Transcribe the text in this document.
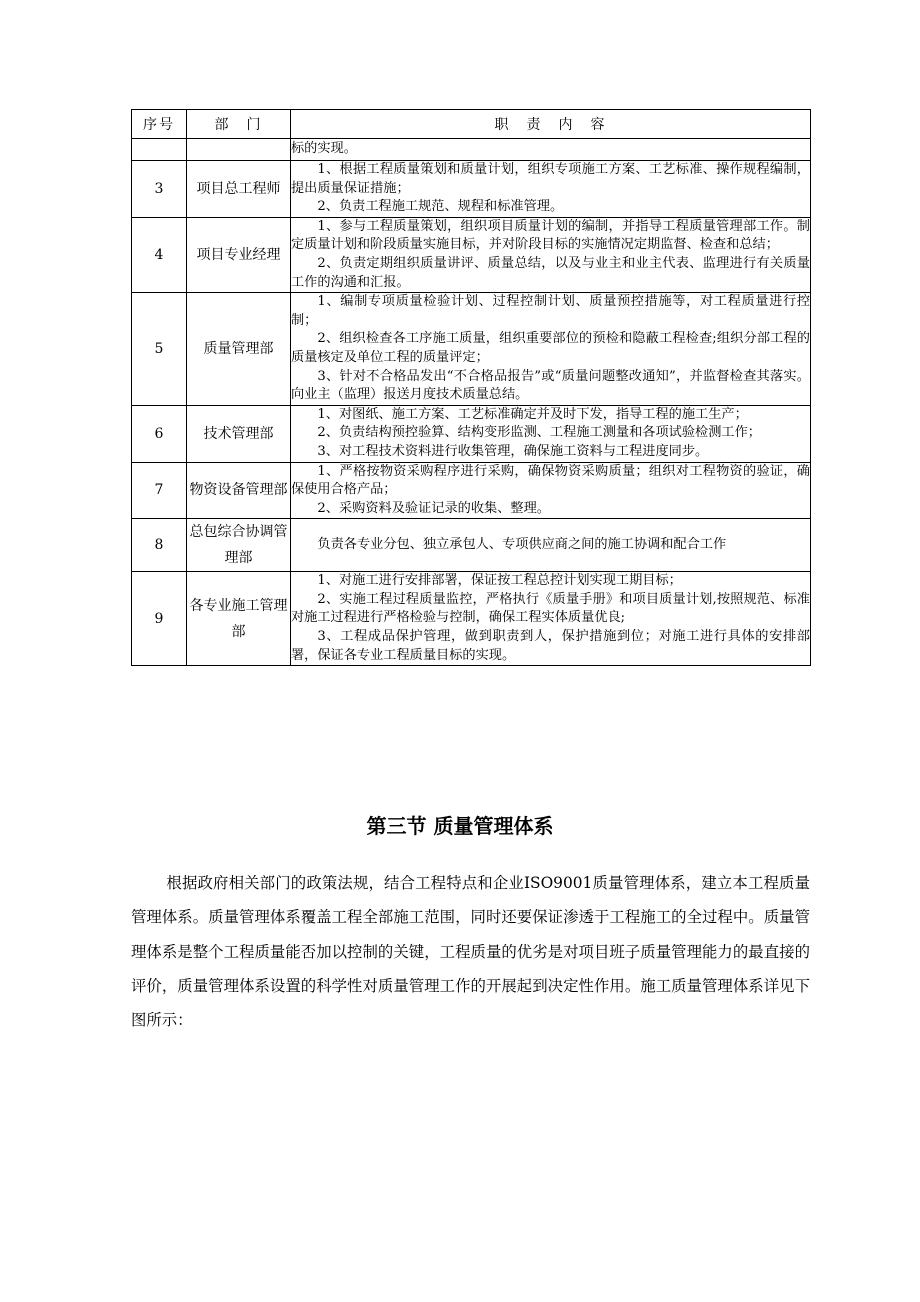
序号	部　门	职　责　内　容

		标的实现。

3	项目总工程师	1、根据工程质量策划和质量计划，组织专项施工方案、工艺标准、操作规程编制，提出质量保证措施；

2、负责工程施工规范、规程和标准管理。

4	项目专业经理	1、参与工程质量策划，组织项目质量计划的编制，并指导工程质量管理部工作。制定质量计划和阶段质量实施目标，并对阶段目标的实施情况定期监督、检查和总结；

2、负责定期组织质量讲评、质量总结，以及与业主和业主代表、监理进行有关质量工作的沟通和汇报。

5	质量管理部	1、编制专项质量检验计划、过程控制计划、质量预控措施等，对工程质量进行控制；

2、组织检查各工序施工质量，组织重要部位的预检和隐蔽工程检查;组织分部工程的质量核定及单位工程的质量评定；

3、针对不合格品发出“不合格品报告”或“质量问题整改通知”，并监督检查其落实。向业主（监理）报送月度技术质量总结。

6	技术管理部	1、对图纸、施工方案、工艺标准确定并及时下发，指导工程的施工生产；

2、负责结构预控验算、结构变形监测、工程施工测量和各项试验检测工作；

3、对工程技术资料进行收集管理，确保施工资料与工程进度同步。

7	物资设备管理部	1、严格按物资采购程序进行采购，确保物资采购质量；组织对工程物资的验证，确保使用合格产品；

2、采购资料及验证记录的收集、整理。

8	总包综合协调管理部	负责各专业分包、独立承包人、专项供应商之间的施工协调和配合工作

9	各专业施工管理部	1、对施工进行安排部署，保证按工程总控计划实现工期目标；

2、实施工程过程质量监控，严格执行《质量手册》和项目质量计划,按照规范、标准对施工过程进行严格检验与控制，确保工程实体质量优良;

3、工程成品保护管理，做到职责到人，保护措施到位；对施工进行具体的安排部署，保证各专业工程质量目标的实现。

第三节 质量管理体系

根据政府相关部门的政策法规，结合工程特点和企业ISO9001质量管理体系，建立本工程质量管理体系。质量管理体系覆盖工程全部施工范围，同时还要保证渗透于工程施工的全过程中。质量管理体系是整个工程质量能否加以控制的关键，工程质量的优劣是对项目班子质量管理能力的最直接的评价，质量管理体系设置的科学性对质量管理工作的开展起到决定性作用。施工质量管理体系详见下图所示：
